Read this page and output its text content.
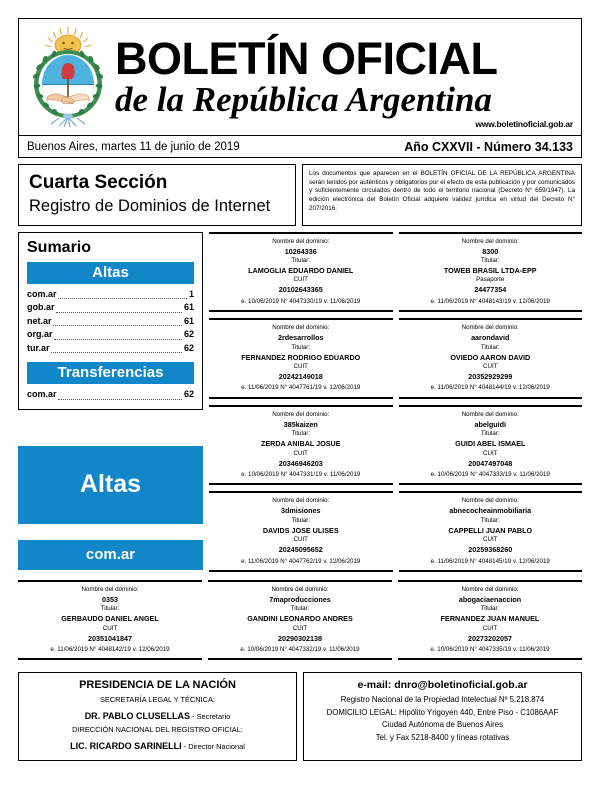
BOLETÍN OFICIAL
de la República Argentina
www.boletinoficial.gob.ar
Buenos Aires, martes 11 de junio de 2019	Año CXXVII - Número 34.133
Cuarta Sección
Registro de Dominios de Internet
Los documentos que aparecen en el BOLETÍN OFICIAL DE LA REPÚBLICA ARGENTINA serán tenidos por auténticos y obligatorios por el efecto de esta publicación y por comunicados y suficientemente circulados dentro de todo el territorio nacional (Decreto N° 659/1947). La edición electrónica del Boletín Oficial adquiere validez jurídica en virtud del Decreto N° 207/2016.
Sumario
Altas
com.ar	1
gob.ar	61
net.ar	61
org.ar	62
tur.ar	62
Transferencias
com.ar	62
Altas
com.ar
Nombre del dominio:
10264336
Titular:
LAMOGLIA EDUARDO DANIEL
CUIT
20102643365
e. 10/06/2019 N° 4047330/19 v. 11/06/2019
Nombre del dominio:
2rdesarrollos
Titular:
FERNANDEZ RODRIGO EDUARDO
CUIT
20242149018
e. 11/06/2019 N° 4047761/19 v. 12/06/2019
Nombre del dominio:
385kaizen
Titular:
ZERDA ANIBAL JOSUE
CUIT
20346946203
e. 10/06/2019 N° 4047331/19 v. 11/06/2019
Nombre del dominio:
3dmisiones
Titular:
DAVIDS JOSE ULISES
CUIT
20245095652
e. 11/06/2019 N° 4047762/19 v. 12/06/2019
Nombre del dominio:
8300
Titular:
TOWEB BRASIL LTDA-EPP
Pasaporte
24477354
e. 11/06/2019 N° 4048143/19 v. 12/06/2019
Nombre del dominio:
aarondavid
Titular:
OVIEDO AARON DAVID
CUIT
20352929299
e. 11/06/2019 N° 4048144/19 v. 12/06/2019
Nombre del dominio:
abelguidi
Titular:
GUIDI ABEL ISMAEL
CUIT
20047497048
e. 10/06/2019 N° 4047333/19 v. 11/06/2019
Nombre del dominio:
abnecocheainmobiliaria
Titular:
CAPPELLI JUAN PABLO
CUIT
20259368260
e. 11/06/2019 N° 4048145/19 v. 12/06/2019
Nombre del dominio:
0353
Titular:
GERBAUDO DANIEL ANGEL
CUIT
20351041847
e. 11/06/2019 N° 4048142/19 v. 12/06/2019
Nombre del dominio:
7maproducciones
Titular:
GANDINI LEONARDO ANDRES
CUIT
20290302138
e. 10/06/2019 N° 4047332/19 v. 11/06/2019
Nombre del dominio:
abogaciaenaccion
Titular:
FERNANDEZ JUAN MANUEL
CUIT
20273202057
e. 10/06/2019 N° 4047335/19 v. 11/06/2019
PRESIDENCIA DE LA NACIÓN
SECRETARÍA LEGAL Y TÉCNICA:
DR. PABLO CLUSELLAS - Secretario
DIRECCIÓN NACIONAL DEL REGISTRO OFICIAL:
LIC. RICARDO SARINELLI - Director Nacional
e-mail: dnro@boletinoficial.gob.ar
Registro Nacional de la Propiedad Intelectual Nº 5.218.874
DOMICILIO LEGAL: Hipólito Yrigoyen 440, Entre Piso - C1086AAF
Ciudad Autónoma de Buenos Aires
Tel. y Fax 5218-8400 y líneas rotativas
